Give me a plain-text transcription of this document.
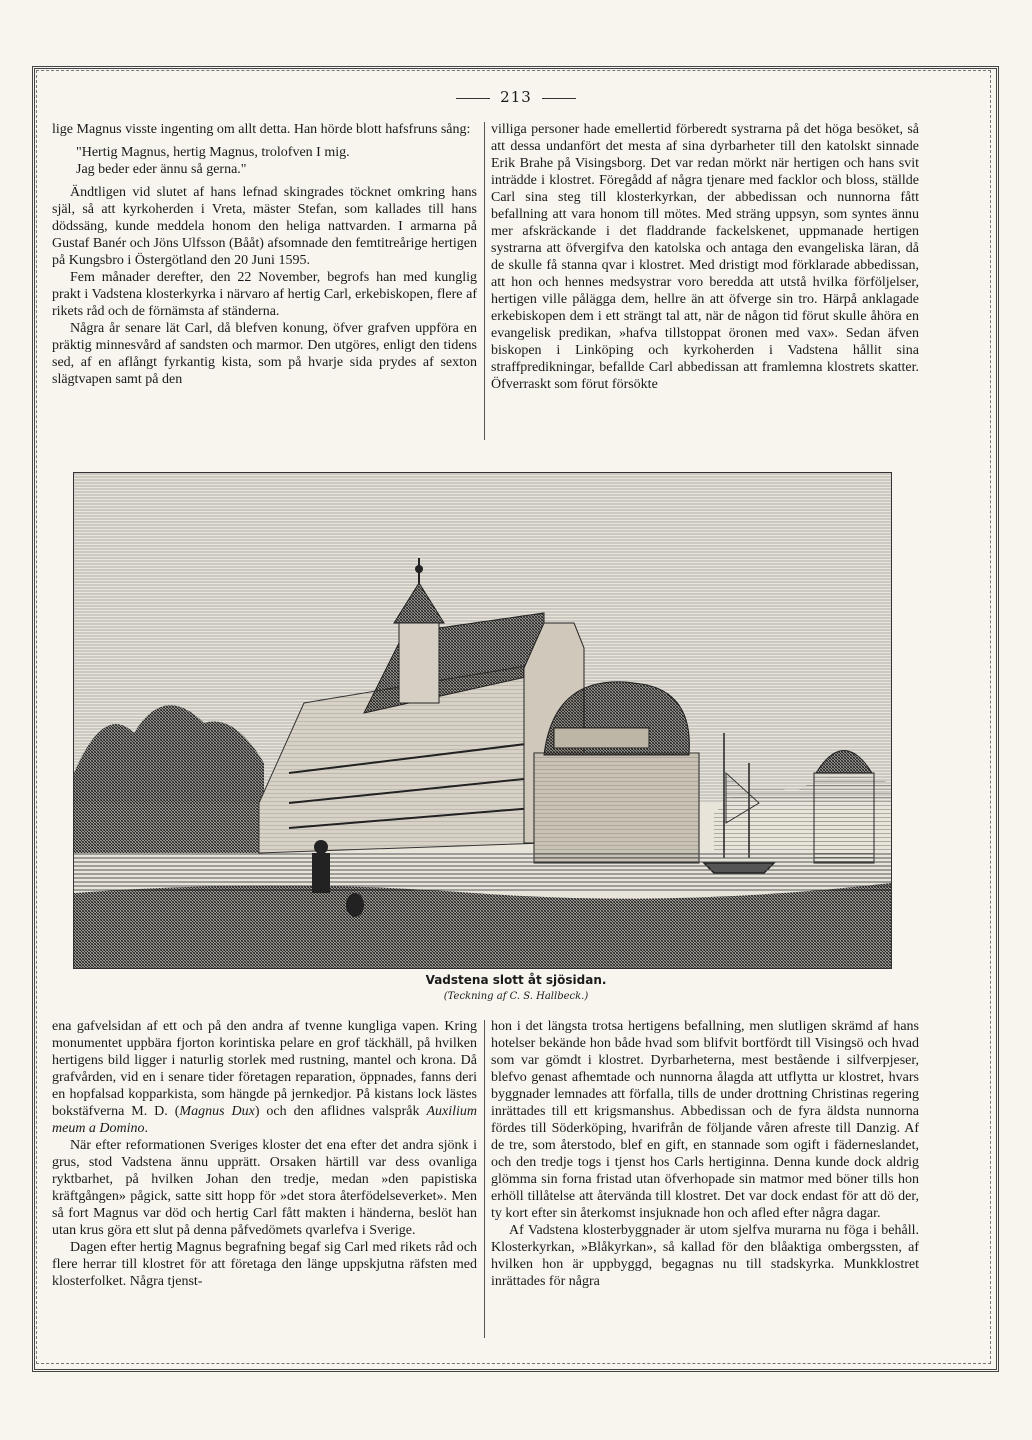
213

lige Magnus visste ingenting om allt detta. Han hörde blott hafsfruns sång:

"Hertig Magnus, hertig Magnus, trolofven I mig.

Jag beder eder ännu så gerna."

Ändtligen vid slutet af hans lefnad skingrades töcknet omkring hans själ, så att kyrkoherden i Vreta, mäster Stefan, som kallades till hans dödssäng, kunde meddela honom den heliga nattvarden. I armarna på Gustaf Banér och Jöns Ulfsson (Bååt) afsomnade den femtitreårige hertigen på Kungsbro i Östergötland den 20 Juni 1595.

Fem månader derefter, den 22 November, begrofs han med kunglig prakt i Vadstena klosterkyrka i närvaro af hertig Carl, erkebiskopen, flere af rikets råd och de förnämsta af ständerna.

Några år senare lät Carl, då blefven konung, öfver grafven uppföra en präktig minnesvård af sandsten och marmor. Den utgöres, enligt den tidens sed, af en aflångt fyrkantig kista, som på hvarje sida prydes af sexton slägtvapen samt på den

villiga personer hade emellertid förberedt systrarna på det höga besöket, så att dessa undanfört det mesta af sina dyrbarheter till den katolskt sinnade Erik Brahe på Visingsborg. Det var redan mörkt när hertigen och hans svit inträdde i klostret. Föregådd af några tjenare med facklor och bloss, ställde Carl sina steg till klosterkyrkan, der abbedissan och nunnorna fått befallning att vara honom till mötes. Med sträng uppsyn, som syntes ännu mer afskräckande i det fladdrande fackelskenet, uppmanade hertigen systrarna att öfvergifva den katolska och antaga den evangeliska läran, då de skulle få stanna qvar i klostret. Med dristigt mod förklarade abbedissan, att hon och hennes medsystrar voro beredda att utstå hvilka förföljelser, hertigen ville pålägga dem, hellre än att öfverge sin tro. Härpå anklagade erkebiskopen dem i ett strängt tal att, när de någon tid förut skulle åhöra en evangelisk predikan, »hafva tillstoppat öronen med vax». Sedan äfven biskopen i Linköping och kyrkoherden i Vadstena hållit sina straffpredikningar, befallde Carl abbedissan att framlemna klostrets skatter. Öfverraskt som förut försökte

Vadstena slott åt sjösidan.
(Teckning af C. S. Hallbeck.)

ena gafvelsidan af ett och på den andra af tvenne kungliga vapen. Kring monumentet uppbära fjorton korintiska pelare en grof täckhäll, på hvilken hertigens bild ligger i naturlig storlek med rustning, mantel och krona. Då grafvården, vid en i senare tider företagen reparation, öppnades, fanns deri en hopfalsad kopparkista, som hängde på jernkedjor. På kistans lock lästes bokstäfverna M. D. (Magnus Dux) och den aflidnes valspråk Auxilium meum a Domino.

När efter reformationen Sveriges kloster det ena efter det andra sjönk i grus, stod Vadstena ännu upprätt. Orsaken härtill var dess ovanliga ryktbarhet, på hvilken Johan den tredje, medan »den papistiska kräftgången» pågick, satte sitt hopp för »det stora återfödelseverket». Men så fort Magnus var död och hertig Carl fått makten i händerna, beslöt han utan krus göra ett slut på denna påfvedömets qvarlefva i Sverige.

Dagen efter hertig Magnus begrafning begaf sig Carl med rikets råd och flere herrar till klostret för att företaga den länge uppskjutna räfsten med klosterfolket. Några tjenst-

hon i det längsta trotsa hertigens befallning, men slutligen skrämd af hans hotelser bekände hon både hvad som blifvit bortfördt till Visingsö och hvad som var gömdt i klostret. Dyrbarheterna, mest bestående i silfverpjeser, blefvo genast afhemtade och nunnorna ålagda att utflytta ur klostret, hvars byggnader lemnades att förfalla, tills de under drottning Christinas regering inrättades till ett krigsmanshus. Abbedissan och de fyra äldsta nunnorna fördes till Söderköping, hvarifrån de följande våren afreste till Danzig. Af de tre, som återstodo, blef en gift, en stannade som ogift i fäderneslandet, och den tredje togs i tjenst hos Carls hertiginna. Denna kunde dock aldrig glömma sin forna fristad utan öfverhopade sin matmor med böner tills hon erhöll tillåtelse att återvända till klostret. Det var dock endast för att dö der, ty kort efter sin återkomst insjuknade hon och afled efter några dagar.

Af Vadstena klosterbyggnader är utom sjelfva murarna nu föga i behåll. Klosterkyrkan, »Blåkyrkan», så kallad för den blåaktiga ombergssten, af hvilken hon är uppbyggd, begagnas nu till stadskyrka. Munkklostret inrättades för några
